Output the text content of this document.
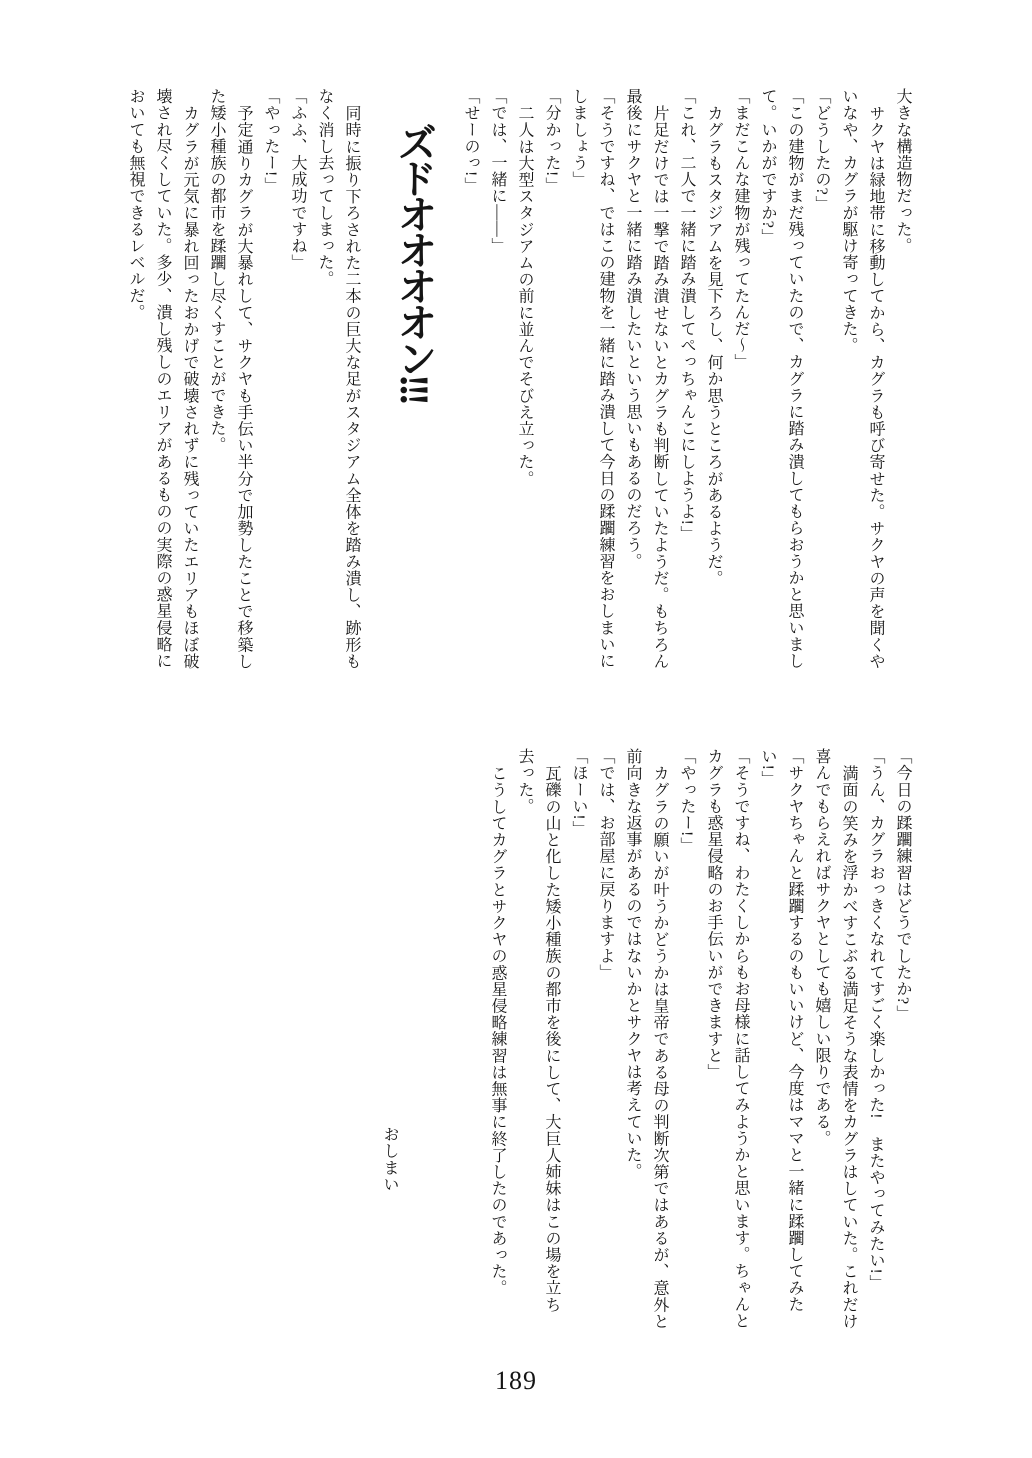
大きな構造物だった。

サクヤは緑地帯に移動してから、カグラも呼び寄せた。サクヤの声を聞くやいなや、カグラが駆け寄ってきた。

「どうしたの?」

「この建物がまだ残っていたので、カグラに踏み潰してもらおうかと思いまして。いかがですか?」

「まだこんな建物が残ってたんだ〜」

カグラもスタジアムを見下ろし、何か思うところがあるようだ。

「これ、二人で一緒に踏み潰してぺっちゃんこにしようよ!」

片足だけでは一撃で踏み潰せないとカグラも判断していたようだ。もちろん最後にサクヤと一緒に踏み潰したいという思いもあるのだろう。

「そうですね、ではこの建物を一緒に踏み潰して今日の蹂躙練習をおしまいにしましょう」

「分かった!」

二人は大型スタジアムの前に並んでそびえ立った。

「では、一緒に――」

「せーのっ!」

ズドオオオオン!!!

同時に振り下ろされた二本の巨大な足がスタジアム全体を踏み潰し、跡形もなく消し去ってしまった。

「ふふ、大成功ですね」

「やったー!」

予定通りカグラが大暴れして、サクヤも手伝い半分で加勢したことで移築した矮小種族の都市を蹂躙し尽くすことができた。

カグラが元気に暴れ回ったおかげで破壊されずに残っていたエリアもほぼ破壊され尽くしていた。多少、潰し残しのエリアがあるものの実際の惑星侵略においても無視できるレベルだ。

「今日の蹂躙練習はどうでしたか?」

「うん、カグラおっきくなれてすごく楽しかった!　またやってみたい!」

満面の笑みを浮かべすこぶる満足そうな表情をカグラはしていた。これだけ喜んでもらえればサクヤとしても嬉しい限りである。

「サクヤちゃんと蹂躙するのもいいけど、今度はママと一緒に蹂躙してみたい!」

「そうですね、わたくしからもお母様に話してみようかと思います。ちゃんとカグラも惑星侵略のお手伝いができますと」

「やったー!」

カグラの願いが叶うかどうかは皇帝である母の判断次第ではあるが、意外と前向きな返事があるのではないかとサクヤは考えていた。

「では、お部屋に戻りますよ」

「ほーい!」

瓦礫の山と化した矮小種族の都市を後にして、大巨人姉妹はこの場を立ち去った。

こうしてカグラとサクヤの惑星侵略練習は無事に終了したのであった。

おしまい

189
